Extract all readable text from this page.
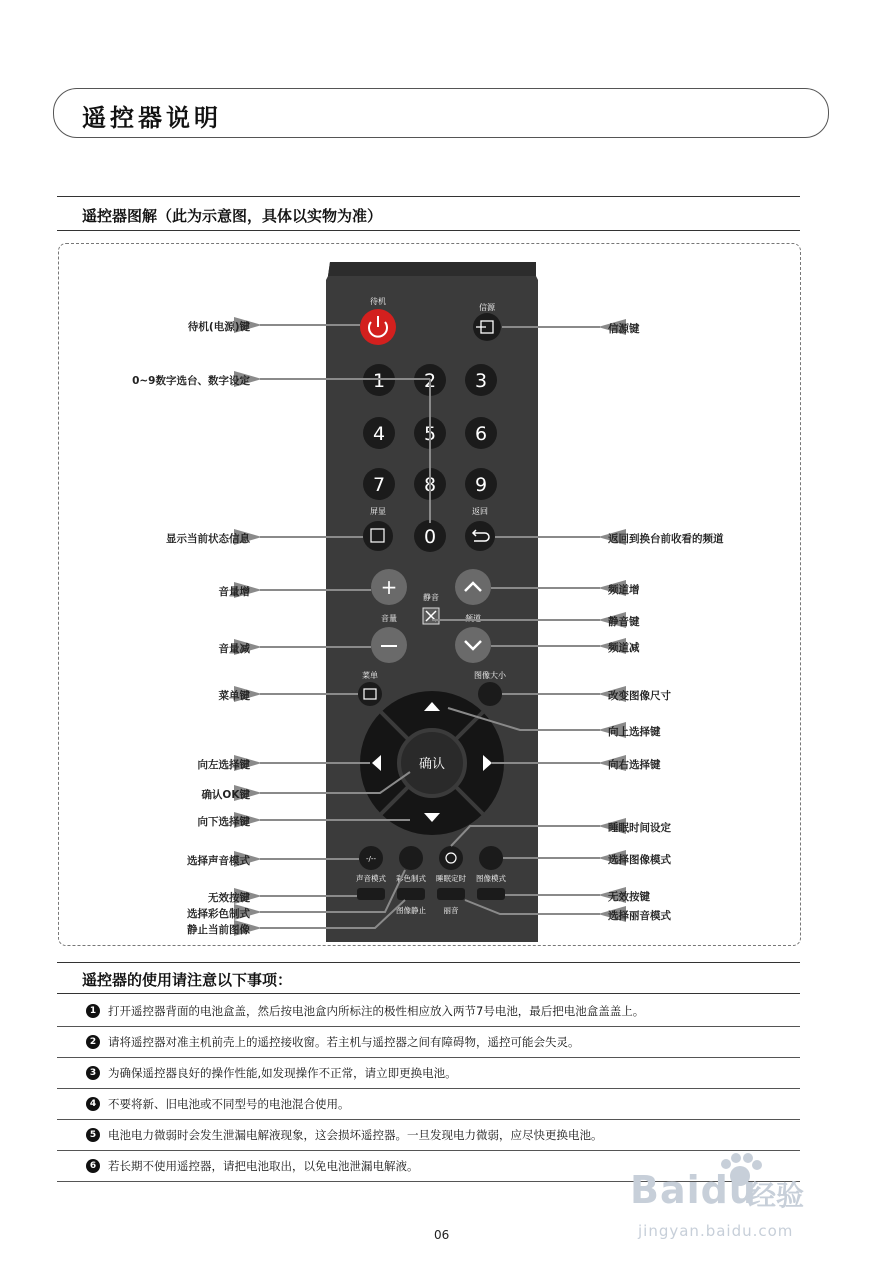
遥控器说明
遥控器图解（此为示意图，具体以实物为准）
待机
信源
1 2 3
4 5 6
7 8 9
0
屏显	返回
+
音量	频道
静音
菜单	图像大小
确认
-/--
声音模式 彩色制式 睡眠定时 图像模式
图像静止 丽音
待机(电源)键
0~9数字选台、数字设定
显示当前状态信息
音量增
音量减
菜单键
向左选择键
确认OK键
向下选择键
选择声音模式
无效按键
选择彩色制式
静止当前图像
信源键
返回到换台前收看的频道
频道增
静音键
频道减
改变图像尺寸
向上选择键
向右选择键
睡眠时间设定
选择图像模式
无效按键
选择丽音模式
遥控器的使用请注意以下事项：
1	打开遥控器背面的电池盒盖，然后按电池盒内所标注的极性相应放入两节7号电池，最后把电池盒盖盖上。
2	请将遥控器对准主机前壳上的遥控接收窗。若主机与遥控器之间有障碍物，遥控可能会失灵。
3	为确保遥控器良好的操作性能,如发现操作不正常，请立即更换电池。
4	不要将新、旧电池或不同型号的电池混合使用。
5	电池电力微弱时会发生泄漏电解液现象，这会损坏遥控器。一旦发现电力微弱，应尽快更换电池。
6	若长期不使用遥控器，请把电池取出，以免电池泄漏电解液。
Baidu
经验
jingyan.baidu.com
06
